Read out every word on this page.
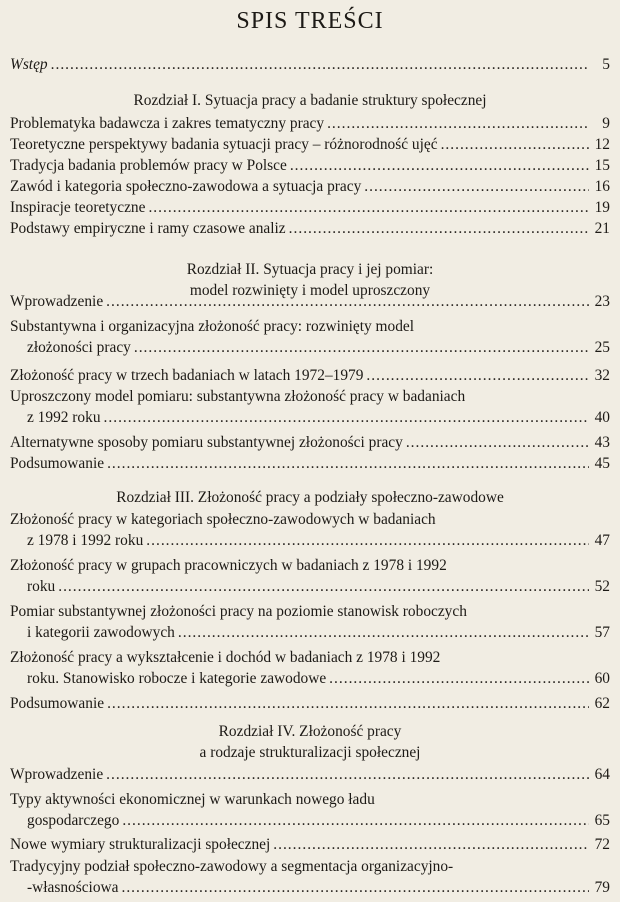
SPIS TREŚCI
Rozdział I. Sytuacja pracy a badanie struktury społecznej
Rozdział II. Sytuacja pracy i jej pomiar:
model rozwinięty i model uproszczony
Rozdział III. Złożoność pracy a podziały społeczno-zawodowe
Rozdział IV. Złożoność pracy
a rodzaje strukturalizacji społecznej
Wstęp .....	5
Problematyka badawcza i zakres tematyczny pracy .....	9
Teoretyczne perspektywy badania sytuacji pracy – różnorodność ujęć .....	12
Tradycja badania problemów pracy w Polsce .....	15
Zawód i kategoria społeczno-zawodowa a sytuacja pracy .....	16
Inspiracje teoretyczne .....	19
Podstawy empiryczne i ramy czasowe analiz .....	21
Wprowadzenie .....	23
Substantywna i organizacyjna złożoność pracy: rozwinięty model
złożoności pracy .....	25
Złożoność pracy w trzech badaniach w latach 1972–1979 .....	32
Uproszczony model pomiaru: substantywna złożoność pracy w badaniach
z 1992 roku .....	40
Alternatywne sposoby pomiaru substantywnej złożoności pracy .....	43
Podsumowanie .....	45
Złożoność pracy w kategoriach społeczno-zawodowych w badaniach
z 1978 i 1992 roku .....	47
Złożoność pracy w grupach pracowniczych w badaniach z 1978 i 1992
roku .....	52
Pomiar substantywnej złożoności pracy na poziomie stanowisk roboczych
i kategorii zawodowych .....	57
Złożoność pracy a wykształcenie i dochód w badaniach z 1978 i 1992
roku. Stanowisko robocze i kategorie zawodowe .....	60
Podsumowanie .....	62
Wprowadzenie .....	64
Typy aktywności ekonomicznej w warunkach nowego ładu
gospodarczego .....	65
Nowe wymiary strukturalizacji społecznej .....	72
Tradycyjny podział społeczno-zawodowy a segmentacja organizacyjno-
-własnościowa .....	79
